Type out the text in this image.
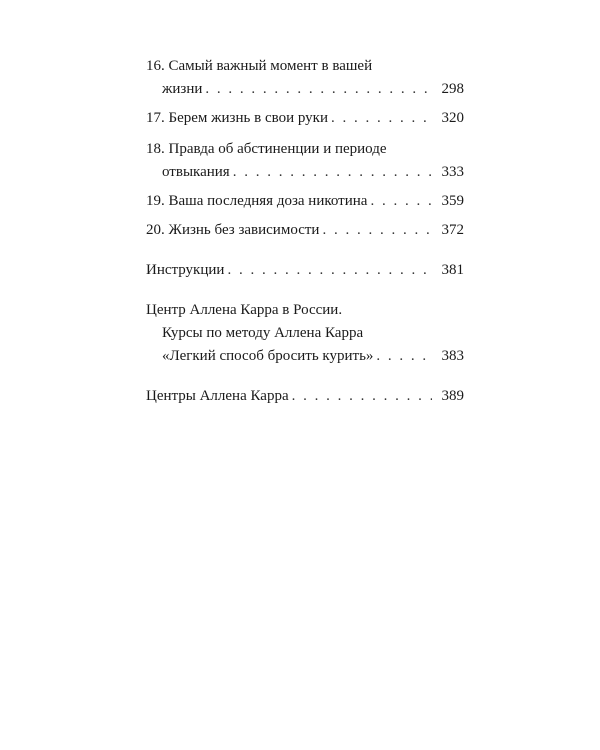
16. Самый важный момент в вашей
жизни . . .	298
17. Берем жизнь в свои руки . . .	320
18. Правда об абстиненции и периоде
отвыкания . . .	333
19. Ваша последняя доза никотина . . .	359
20. Жизнь без зависимости . . .	372
Инструкции . . .	381
Центр Аллена Карра в России.
Курсы по методу Аллена Карра
«Легкий способ бросить курить» . . .	383
Центры Аллена Карра . . .	389
